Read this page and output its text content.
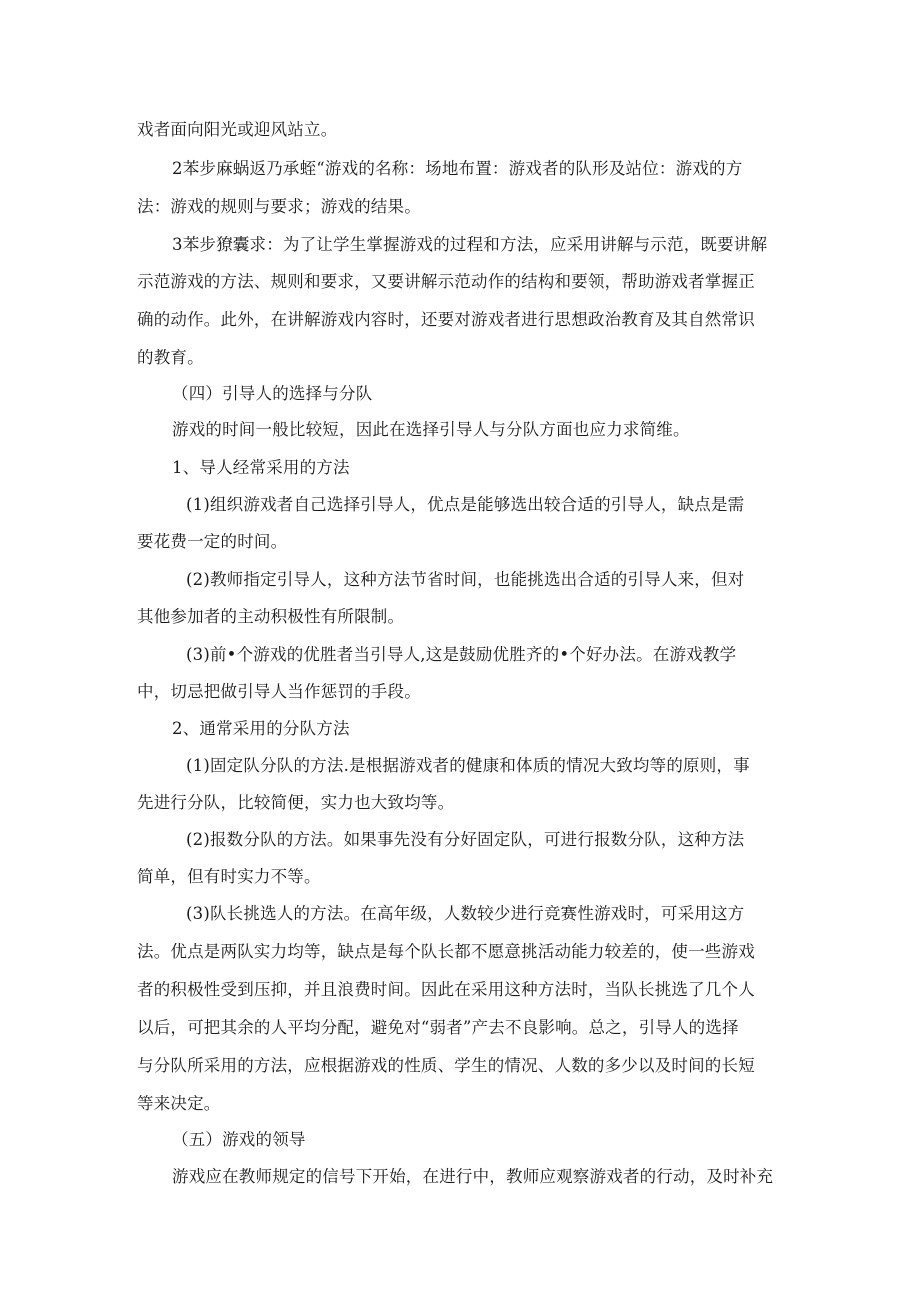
戏者面向阳光或迎风站立。
2苯步麻蜗返乃承蛭“游戏的名称：场地布置：游戏者的队形及站位：游戏的方
法：游戏的规则与要求；游戏的结果。
3苯步獠囊求：为了让学生掌握游戏的过程和方法，应采用讲解与示范，既要讲解
示范游戏的方法、规则和要求，又要讲解示范动作的结构和要领，帮助游戏者掌握正
确的动作。此外，在讲解游戏内容时，还要对游戏者进行思想政治教育及其自然常识
的教育。
（四）引导人的选择与分队
游戏的时间一般比较短，因此在选择引导人与分队方面也应力求简维。
1、导人经常采用的方法
(1)组织游戏者自己选择引导人，优点是能够选出较合适的引导人，缺点是需
要花费一定的时间。
(2)教师指定引导人，这种方法节省时间，也能挑选出合适的引导人来，但对
其他参加者的主动积极性有所限制。
(3)前•个游戏的优胜者当引导人,这是鼓励优胜齐的•个好办法。在游戏教学
中，切忌把做引导人当作惩罚的手段。
2、通常采用的分队方法
(1)固定队分队的方法.是根据游戏者的健康和体质的情况大致均等的原则，事
先进行分队，比较简便，实力也大致均等。
(2)报数分队的方法。如果事先没有分好固定队，可进行报数分队，这种方法
简单，但有时实力不等。
(3)队长挑选人的方法。在高年级，人数较少进行竞赛性游戏时，可采用这方
法。优点是两队实力均等，缺点是每个队长都不愿意挑活动能力较差的，使一些游戏
者的积极性受到压抑，并且浪费时间。因此在采用这种方法时，当队长挑选了几个人
以后，可把其余的人平均分配，避免对“弱者”产去不良影响。总之，引导人的选择
与分队所采用的方法，应根据游戏的性质、学生的情况、人数的多少以及时间的长短
等来决定。
（五）游戏的领导
游戏应在教师规定的信号下开始，在进行中，教师应观察游戏者的行动，及时补充
